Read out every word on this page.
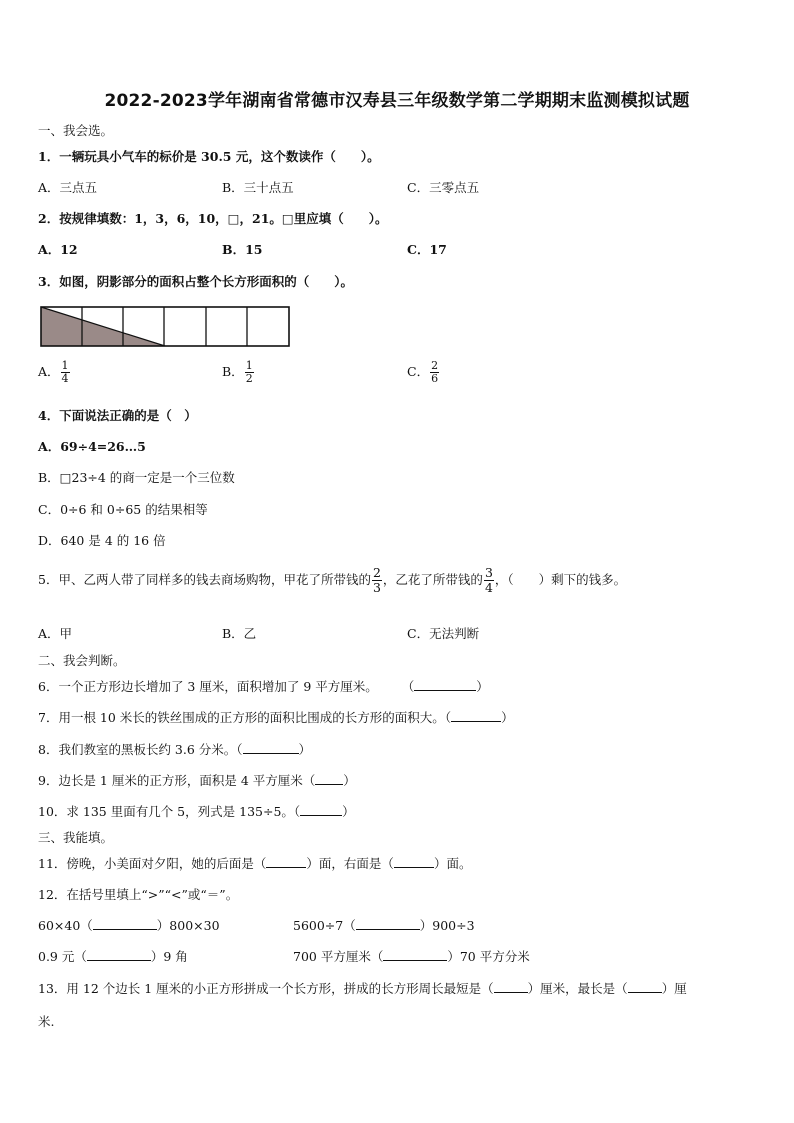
2022-2023学年湖南省常德市汉寿县三年级数学第二学期期末监测模拟试题
一、我会选。
1．一辆玩具小气车的标价是 30.5 元，这个数读作（　　）。
A．三点五	B．三十点五	C．三零点五
2．按规律填数：1，3，6，10，□，21。□里应填（　　）。
A．12	B．15	C．17
3．如图，阴影部分的面积占整个长方形面积的（　　）。
A． $\frac{1}{4}$	B． $\frac{1}{2}$	C． $\frac{2}{6}$
4．下面说法正确的是（　）
A．69÷4=26…5
B．□23÷4 的商一定是一个三位数
C．0÷6 和 0÷65 的结果相等
D．640 是 4 的 16 倍
5．甲、乙两人带了同样多的钱去商场购物，甲花了所带钱的 $\frac{2}{3}$ ，乙花了所带钱的 $\frac{3}{4}$ ，（　　）剩下的钱多。
A．甲	B．乙	C．无法判断
二、我会判断。
6．一个正方形边长增加了 3 厘米，面积增加了 9 平方厘米。 （	）
7．用一根 10 米长的铁丝围成的正方形的面积比围成的长方形的面积大。（	）
8．我们教室的黑板长约 3.6 分米。（	）
9．边长是 1 厘米的正方形，面积是 4 平方厘米（ ）
10．求 135 里面有几个 5，列式是 135÷5。（	）
三、我能填。
11．傍晚，小美面对夕阳，她的后面是（	）面，右面是（	）面。
12．在括号里填上“>”“<”或“＝”。
60×40（	）800×30	5600÷7（	）900÷3
0.9 元（	）9 角	700 平方厘米（	）70 平方分米
13．用 12 个边长 1 厘米的小正方形拼成一个长方形，拼成的长方形周长最短是（	）厘米，最长是（	）厘
米.
